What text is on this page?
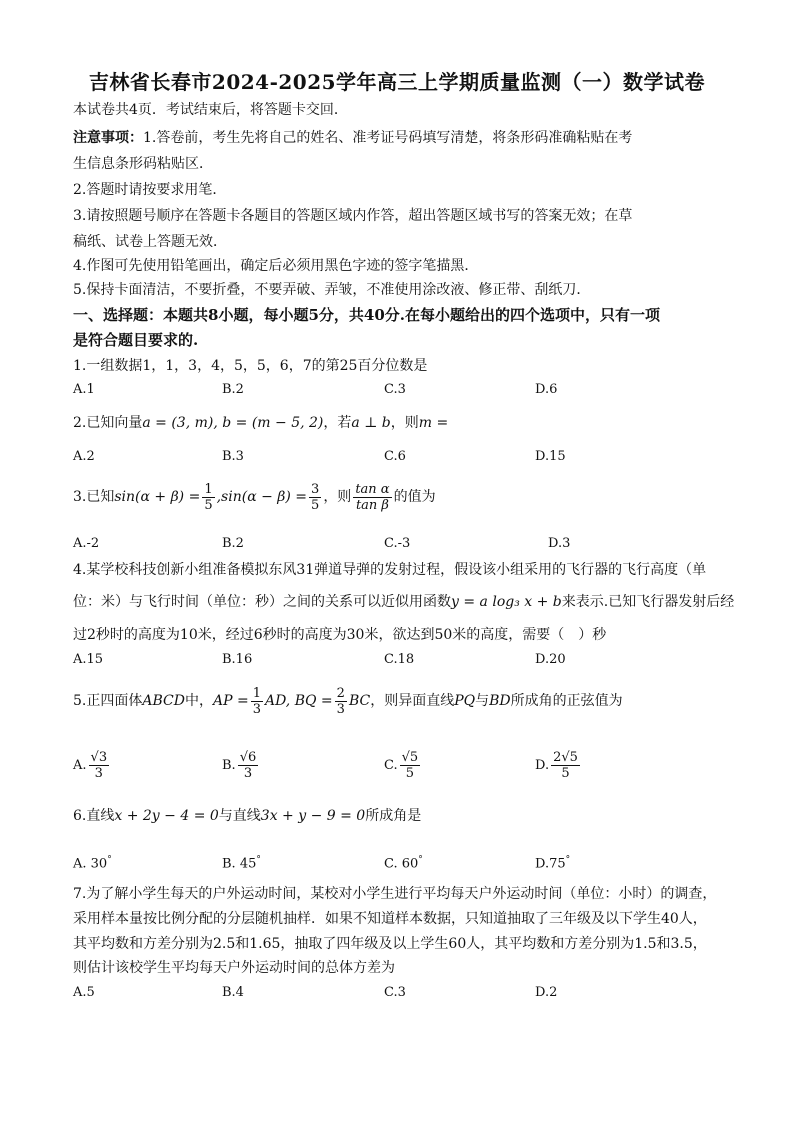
吉林省长春市2024-2025学年高三上学期质量监测（一）数学试卷
本试卷共4页．考试结束后，将答题卡交回．
注意事项：1.答卷前，考生先将自己的姓名、准考证号码填写清楚，将条形码准确粘贴在考
生信息条形码粘贴区．
2.答题时请按要求用笔．
3.请按照题号顺序在答题卡各题目的答题区域内作答，超出答题区域书写的答案无效；在草
稿纸、试卷上答题无效．
4.作图可先使用铅笔画出，确定后必须用黑色字迹的签字笔描黑．
5.保持卡面清洁，不要折叠，不要弄破、弄皱，不准使用涂改液、修正带、刮纸刀．
一、选择题：本题共8小题，每小题5分，共40分.在每小题给出的四个选项中，只有一项
是符合题目要求的.
1.一组数据1，1，3，4，5，5，6，7的第25百分位数是
A.1	B.2	C.3	D.6
2.已知向量a = (3, m), b = (m − 5, 2)，若a ⊥ b，则m =
A.2	B.3	C.6	D.15
3.已知$\sin(\alpha + \beta) = \frac{1}{5} ,\sin(\alpha - \beta) = \frac{3}{5}$ ，则 $\frac{\text{tan α}}{\text{tan β}}$ 的值为
A.-2	B.2	C.-3	D.3
4.某学校科技创新小组准备模拟东风31弹道导弹的发射过程，假设该小组采用的飞行器的飞行高度（单
位：米）与飞行时间（单位：秒）之间的关系可以近似用函数y = a log₃ x + b来表示.已知飞行器发射后经
过2秒时的高度为10米，经过6秒时的高度为30米，欲达到50米的高度，需要（　）秒
A.15	B.16	C.18	D.20
5.正四面体ABCD中，AP = $\frac{1}{3}$ AD, BQ = $\frac{2}{3}$ BC，则异面直线PQ与BD所成角的正弦值为
A. $\frac{√3}{3}$	B. $\frac{√6}{3}$	C. $\frac{√5}{5}$	D. $\frac{2√5}{5}$
6.直线x + 2y − 4 = 0与直线3x + y − 9 = 0所成角是
A. 30°	B. 45°	C. 60°	D.75°
7.为了解小学生每天的户外运动时间，某校对小学生进行平均每天户外运动时间（单位：小时）的调查，
采用样本量按比例分配的分层随机抽样．如果不知道样本数据，只知道抽取了三年级及以下学生40人，
其平均数和方差分别为2.5和1.65，抽取了四年级及以上学生60人，其平均数和方差分别为1.5和3.5，
则估计该校学生平均每天户外运动时间的总体方差为
A.5	B.4	C.3	D.2
